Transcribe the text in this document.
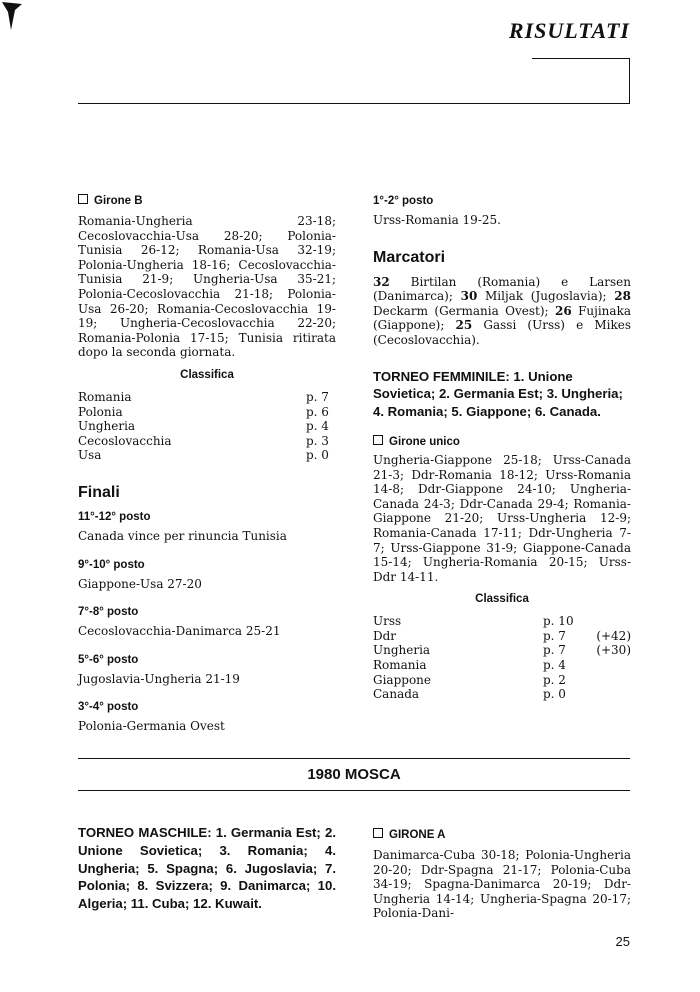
RISULTATI
Girone B
Romania-Ungheria 23-18; Cecoslovacchia-Usa 28-20; Polonia-Tunisia 26-12; Romania-Usa 32-19; Polonia-Ungheria 18-16; Cecoslovacchia-Tunisia 21-9; Ungheria-Usa 35-21; Polonia-Cecoslovacchia 21-18; Polonia-Usa 26-20; Romania-Cecoslovacchia 19-19; Ungheria-Cecoslovacchia 22-20; Romania-Polonia 17-15; Tunisia ritirata dopo la seconda giornata.
Classifica
Romania	p. 7
Polonia	p. 6
Ungheria	p. 4
Cecoslovacchia	p. 3
Usa	p. 0
Finali
11°-12° posto
Canada vince per rinuncia Tunisia
9°-10° posto
Giappone-Usa 27-20
7°-8° posto
Cecoslovacchia-Danimarca 25-21
5°-6° posto
Jugoslavia-Ungheria 21-19
3°-4° posto
Polonia-Germania Ovest
1°-2° posto
Urss-Romania 19-25.
Marcatori
32 Birtilan (Romania) e Larsen (Danimarca); 30 Miljak (Jugoslavia); 28 Deckarm (Germania Ovest); 26 Fujinaka (Giappone); 25 Gassi (Urss) e Mikes (Cecoslovacchia).
TORNEO FEMMINILE: 1. Unione Sovietica; 2. Germania Est; 3. Ungheria; 4. Romania; 5. Giappone; 6. Canada.
Girone unico
Ungheria-Giappone 25-18; Urss-Canada 21-3; Ddr-Romania 18-12; Urss-Romania 14-8; Ddr-Giappone 24-10; Ungheria-Canada 24-3; Ddr-Canada 29-4; Romania-Giappone 21-20; Urss-Ungheria 12-9; Romania-Canada 17-11; Ddr-Ungheria 7-7; Urss-Giappone 31-9; Giappone-Canada 15-14; Ungheria-Romania 20-15; Urss-Ddr 14-11.
Classifica
Urss	p. 10
Ddr	p. 7	(+42)
Ungheria	p. 7	(+30)
Romania	p. 4
Giappone	p. 2
Canada	p. 0
1980 MOSCA
TORNEO MASCHILE: 1. Germania Est; 2. Unione Sovietica; 3. Romania; 4. Ungheria; 5. Spagna; 6. Jugoslavia; 7. Polonia; 8. Svizzera; 9. Danimarca; 10. Algeria; 11. Cuba; 12. Kuwait.
GIRONE A
Danimarca-Cuba 30-18; Polonia-Ungheria 20-20; Ddr-Spagna 21-17; Polonia-Cuba 34-19; Spagna-Danimarca 20-19; Ddr-Ungheria 14-14; Ungheria-Spagna 20-17; Polonia-Dani-
25
